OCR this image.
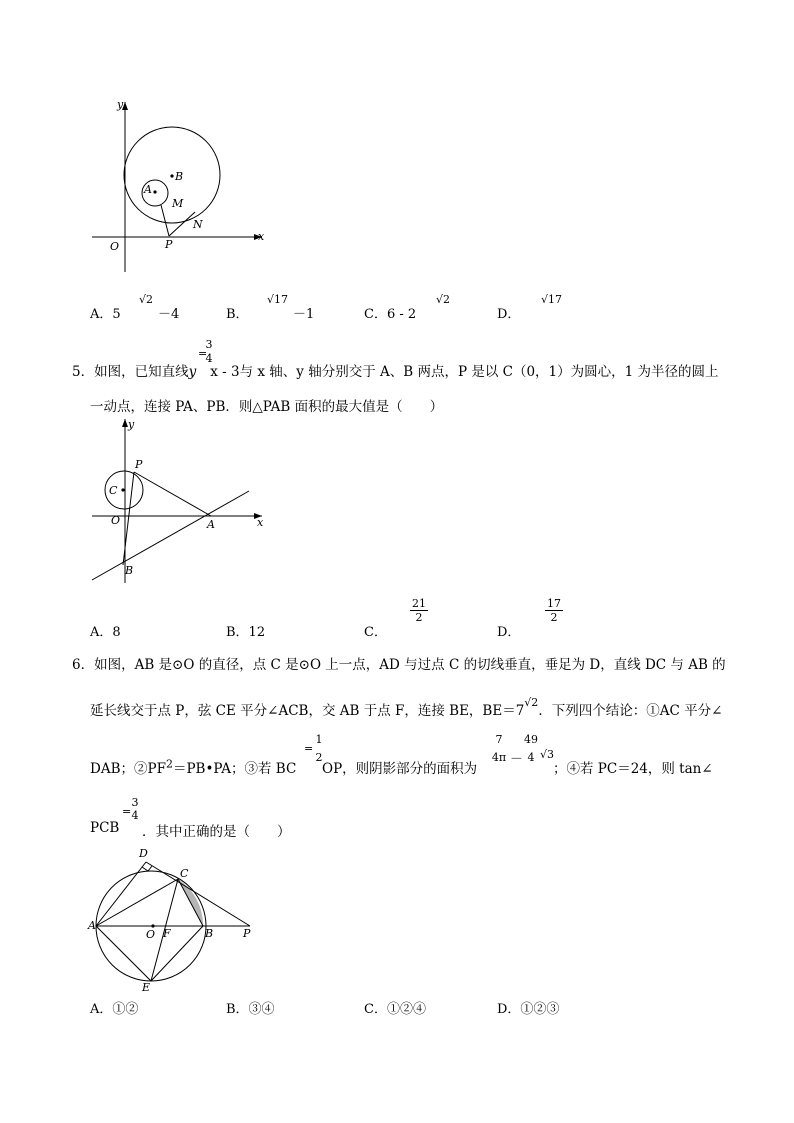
y
x
O
A
B
M
N
P
A．5
√2
－4	B．
√17
－1	C．6 - 2
√2
D．
√17
3
4
=
5．如图，已知直线y x - 3与 x 轴、y 轴分别交于 A、B 两点，P 是以 C（0，1）为圆心，1 为半径的圆上
一动点，连接 PA、PB．则△PAB 面积的最大值是（　　）
y
x
O
C
P
A
B
A．8	B．12	C．
21
2
D．
17
2
6．如图，AB 是⊙O 的直径，点 C 是⊙O 上一点，AD 与过点 C 的切线垂直，垂足为 D，直线 DC 与 AB 的
延长线交于点 P，弦 CE 平分∠ACB，交 AB 于点 F，连接 BE，$BE=7^{√2}$．下列四个结论：①AC 平分∠
DAB；$②PF^2=PB•PA$；③若 BC
=
1
2
OP，则阴影部分的面积为
7
4π －
49
4 √3
；④若 PC＝24，则 tan∠
PCB
=
3
4
．其中正确的是（　　）
D
C
A
O F	B	P
E
A．①②	B．③④	C．①②④	D．①②③
